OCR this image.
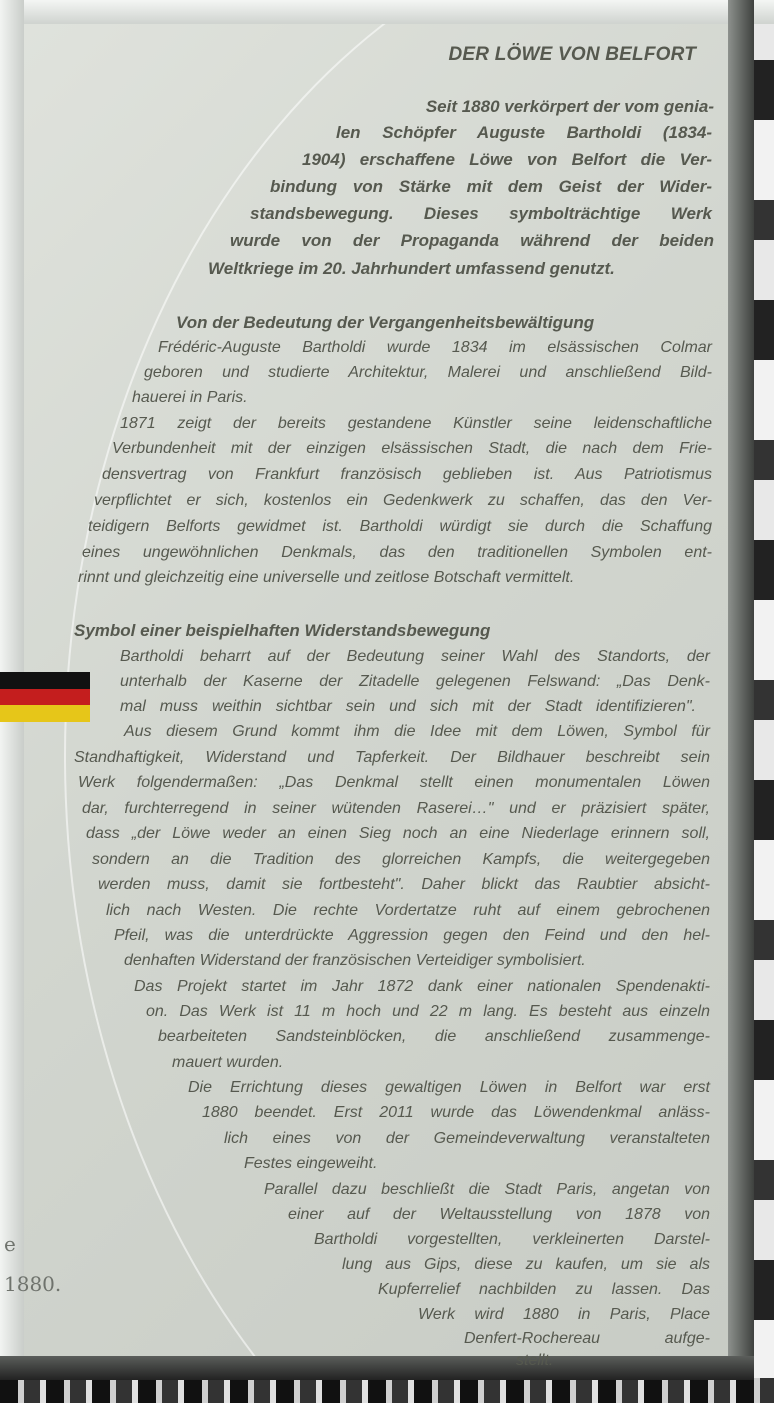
e
1880.
DER LÖWE VON BELFORT
Seit 1880 verkörpert der vom genia-
len Schöpfer Auguste Bartholdi (1834-
1904) erschaffene Löwe von Belfort die Ver-
bindung von Stärke mit dem Geist der Wider-
standsbewegung. Dieses symbolträchtige Werk
wurde von der Propaganda während der beiden
Weltkriege im 20. Jahrhundert umfassend genutzt.
Von der Bedeutung der Vergangenheitsbewältigung
Frédéric-Auguste Bartholdi wurde 1834 im elsässischen Colmar
geboren und studierte Architektur, Malerei und anschließend Bild-
hauerei in Paris.
1871 zeigt der bereits gestandene Künstler seine leidenschaftliche
Verbundenheit mit der einzigen elsässischen Stadt, die nach dem Frie-
densvertrag von Frankfurt französisch geblieben ist. Aus Patriotismus
verpflichtet er sich, kostenlos ein Gedenkwerk zu schaffen, das den Ver-
teidigern Belforts gewidmet ist. Bartholdi würdigt sie durch die Schaffung
eines ungewöhnlichen Denkmals, das den traditionellen Symbolen ent-
rinnt und gleichzeitig eine universelle und zeitlose Botschaft vermittelt.
Symbol einer beispielhaften Widerstandsbewegung
Bartholdi beharrt auf der Bedeutung seiner Wahl des Standorts, der
unterhalb der Kaserne der Zitadelle gelegenen Felswand: „Das Denk-
mal muss weithin sichtbar sein und sich mit der Stadt identifizieren".
Aus diesem Grund kommt ihm die Idee mit dem Löwen, Symbol für
Standhaftigkeit, Widerstand und Tapferkeit. Der Bildhauer beschreibt sein
Werk folgendermaßen: „Das Denkmal stellt einen monumentalen Löwen
dar, furchterregend in seiner wütenden Raserei…" und er präzisiert später,
dass „der Löwe weder an einen Sieg noch an eine Niederlage erinnern soll,
sondern an die Tradition des glorreichen Kampfs, die weitergegeben
werden muss, damit sie fortbesteht". Daher blickt das Raubtier absicht-
lich nach Westen. Die rechte Vordertatze ruht auf einem gebrochenen
Pfeil, was die unterdrückte Aggression gegen den Feind und den hel-
denhaften Widerstand der französischen Verteidiger symbolisiert.
Das Projekt startet im Jahr 1872 dank einer nationalen Spendenakti-
on. Das Werk ist 11 m hoch und 22 m lang. Es besteht aus einzeln
bearbeiteten Sandsteinblöcken, die anschließend zusammenge-
mauert wurden.
Die Errichtung dieses gewaltigen Löwen in Belfort war erst
1880 beendet. Erst 2011 wurde das Löwendenkmal anläss-
lich eines von der Gemeindeverwaltung veranstalteten
Festes eingeweiht.
Parallel dazu beschließt die Stadt Paris, angetan von
einer auf der Weltausstellung von 1878 von
Bartholdi vorgestellten, verkleinerten Darstel-
lung aus Gips, diese zu kaufen, um sie als
Kupferrelief nachbilden zu lassen. Das
Werk wird 1880 in Paris, Place
Denfert-Rochereau aufge-
stellt.
